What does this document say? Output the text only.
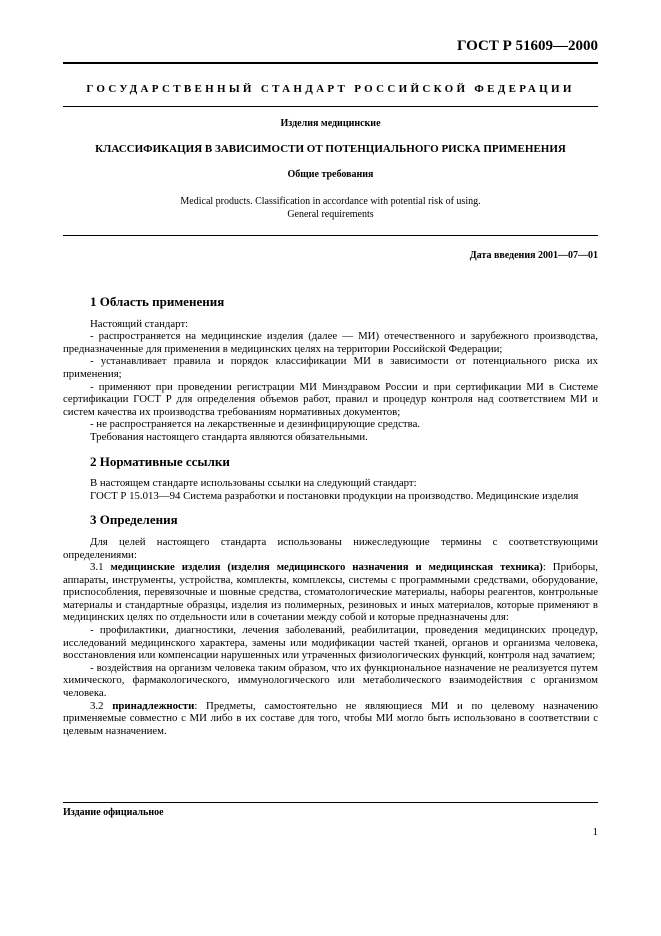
ГОСТ Р 51609—2000
ГОСУДАРСТВЕННЫЙ СТАНДАРТ РОССИЙСКОЙ ФЕДЕРАЦИИ
Изделия медицинские
КЛАССИФИКАЦИЯ В ЗАВИСИМОСТИ ОТ ПОТЕНЦИАЛЬНОГО РИСКА ПРИМЕНЕНИЯ
Общие требования
Medical products. Classification in accordance with potential risk of using.
General requirements
Дата введения 2001—07—01
1 Область применения

Настоящий стандарт:

- распространяется на медицинские изделия (далее — МИ) отечественного и зарубежного производства, предназначенные для применения в медицинских целях на территории Российской Федерации;

- устанавливает правила и порядок классификации МИ в зависимости от потенциального риска их применения;

- применяют при проведении регистрации МИ Минздравом России и при сертификации МИ в Системе сертификации ГОСТ Р для определения объемов работ, правил и процедур контроля над соответствием МИ и систем качества их производства требованиям нормативных документов;

- не распространяется на лекарственные и дезинфицирующие средства.

Требования настоящего стандарта являются обязательными.

2 Нормативные ссылки

В настоящем стандарте использованы ссылки на следующий стандарт:

ГОСТ Р 15.013—94 Система разработки и постановки продукции на производство. Медицинские изделия

3 Определения

Для целей настоящего стандарта использованы нижеследующие термины с соответствующими определениями:

3.1 медицинские изделия (изделия медицинского назначения и медицинская техника): Приборы, аппараты, инструменты, устройства, комплекты, комплексы, системы с программными средствами, оборудование, приспособления, перевязочные и шовные средства, стоматологические материалы, наборы реагентов, контрольные материалы и стандартные образцы, изделия из полимерных, резиновых и иных материалов, которые применяют в медицинских целях по отдельности или в сочетании между собой и которые предназначены для:

- профилактики, диагностики, лечения заболеваний, реабилитации, проведения медицинских процедур, исследований медицинского характера, замены или модификации частей тканей, органов и организма человека, восстановления или компенсации нарушенных или утраченных физиологических функций, контроля над зачатием;

- воздействия на организм человека таким образом, что их функциональное назначение не реализуется путем химического, фармакологического, иммунологического или метаболического взаимодействия с организмом человека.

3.2 принадлежности: Предметы, самостоятельно не являющиеся МИ и по целевому назначению применяемые совместно с МИ либо в их составе для того, чтобы МИ могло быть использовано в соответствии с целевым назначением.

Издание официальное
1
